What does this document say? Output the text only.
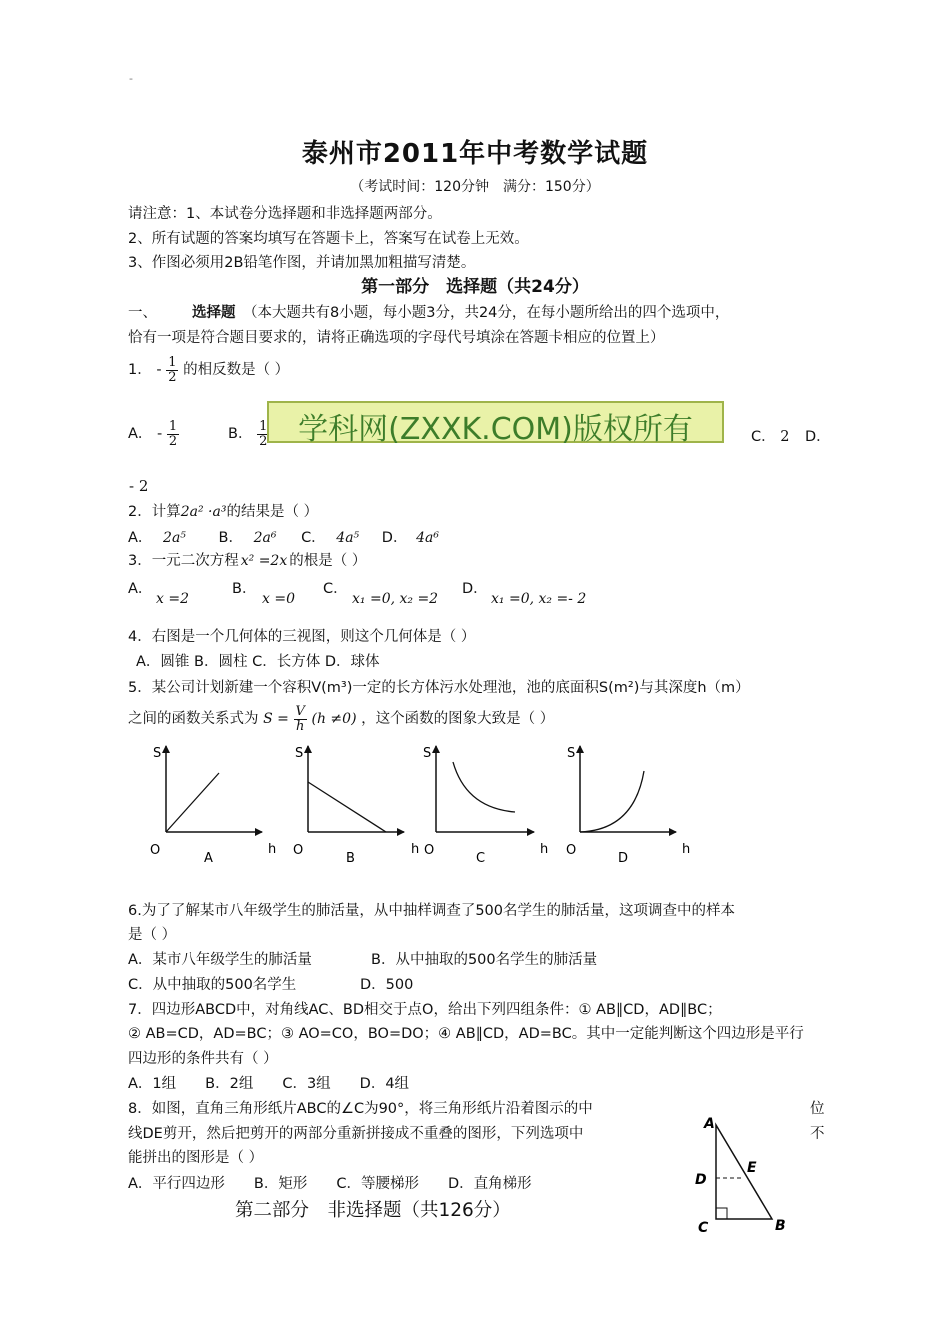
-
泰州市2011年中考数学试题
（考试时间：120分钟　满分：150分）
请注意：1、本试卷分选择题和非选择题两部分。
2、所有试题的答案均填写在答题卡上，答案写在试卷上无效。
3、作图必须用2B铅笔作图，并请加黑加粗描写清楚。
第一部分　选择题（共24分）
一、 选择题 （本大题共有8小题，每小题3分，共24分，在每小题所给出的四个选项中，
恰有一项是符合题目要求的，请将正确选项的字母代号填涂在答题卡相应的位置上）
1． - $\frac{1}{2}$ 的相反数是（ ）
A． - $\frac{1}{2}$	B． $\frac{1}{2}$ 学科网(ZXXK.COM)版权所有	C． 2 D．
- 2
2．计算2a² ·a³的结果是（ ）
A． 2a⁵ B． 2a⁶ C． 4a⁵ D． 4a⁶
3．一元二次方程 x² =2x 的根是（ ）
A．
x =2
B．
x =0
C．
x₁ =0, x₂ =2
D．
x₁ =0, x₂ =- 2
4．右图是一个几何体的三视图，则这个几何体是（ ）
A．圆锥 B．圆柱 C．长方体 D．球体
5．某公司计划新建一个容积V(m³)一定的长方体污水处理池，池的底面积S(m²)与其深度h（m）
之间的函数关系式为 $S = \frac{V}{h} (h \ne 0)$ ，这个函数的图象大致是（ ）
S
O	h
A
S
O	h
B
S
O	h
C
S
O	h
D
6.为了了解某市八年级学生的肺活量，从中抽样调查了500名学生的肺活量，这项调查中的样本
是（ ）
A．某市八年级学生的肺活量	B．从中抽取的500名学生的肺活量
C．从中抽取的500名学生	D．500
7．四边形ABCD中，对角线AC、BD相交于点O，给出下列四组条件：① AB∥CD，AD∥BC；
② AB=CD，AD=BC；③ AO=CO，BO=DO；④ AB∥CD，AD=BC。其中一定能判断这个四边形是平行
四边形的条件共有（ ）
A．1组　　B．2组　　C．3组　　D．4组
8．如图，直角三角形纸片ABC的∠C为90°，将三角形纸片沿着图示的中	位
线DE剪开，然后把剪开的两部分重新拼接成不重叠的图形，下列选项中	不
能拼出的图形是（ ）
A．平行四边形　　B．矩形　　C．等腰梯形　　D．直角梯形
A
D
E
C	B
第二部分　非选择题（共126分）
